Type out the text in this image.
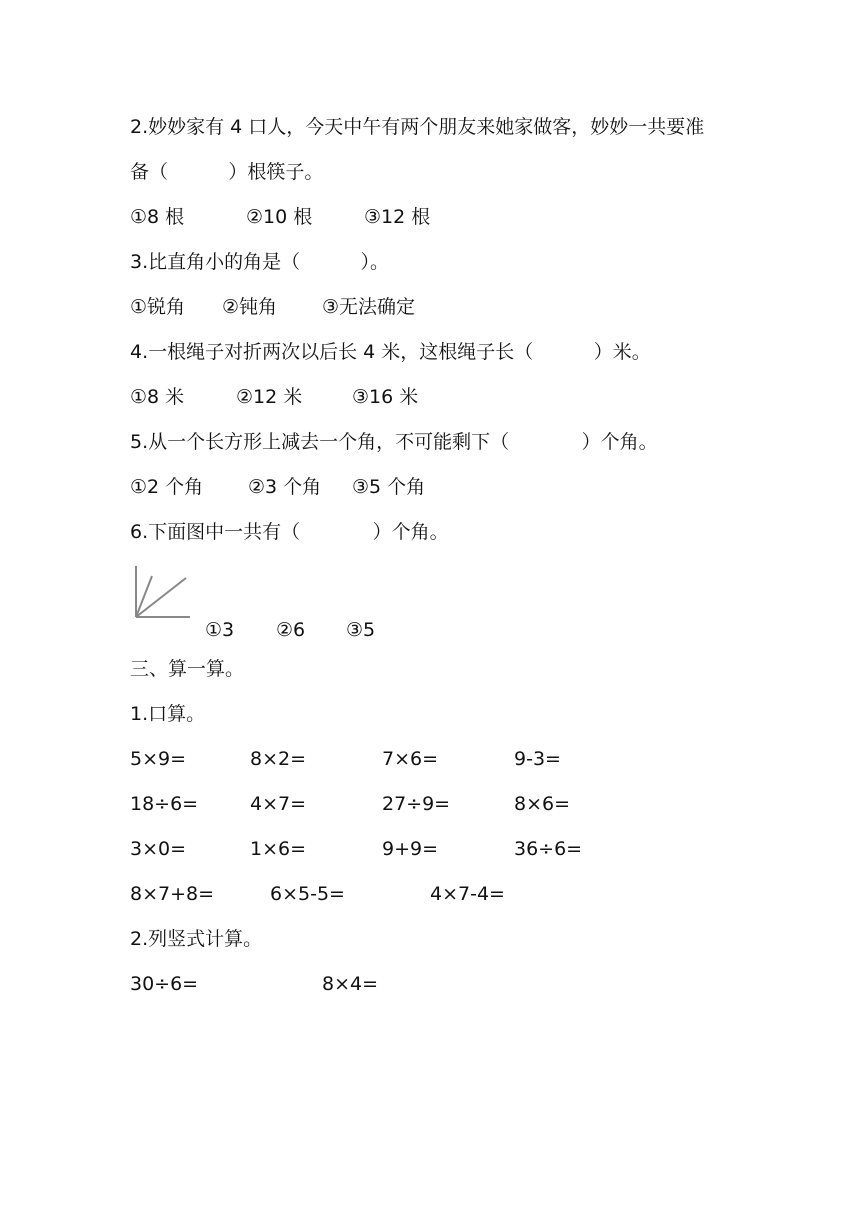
2.妙妙家有 4 口人，今天中午有两个朋友来她家做客，妙妙一共要准
备（          ）根筷子。
①8 根	②10 根	③12 根
3.比直角小的角是（          ）。
①锐角 ②钝角 ③无法确定
4.一根绳子对折两次以后长 4 米，这根绳子长（          ）米。
①8 米	②12 米	③16 米
5.从一个长方形上减去一个角，不可能剩下（            ）个角。
①2 个角 ②3 个角 ③5 个角
6.下面图中一共有（            ）个角。
①3 ②6 ③5
三、算一算。
1.口算。
5×9=	8×2=	7×6=	9-3=
18÷6=	4×7=	27÷9=	8×6=
3×0=	1×6=	9+9=	36÷6=
8×7+8=	6×5-5=	4×7-4=
2.列竖式计算。
30÷6=	8×4=
